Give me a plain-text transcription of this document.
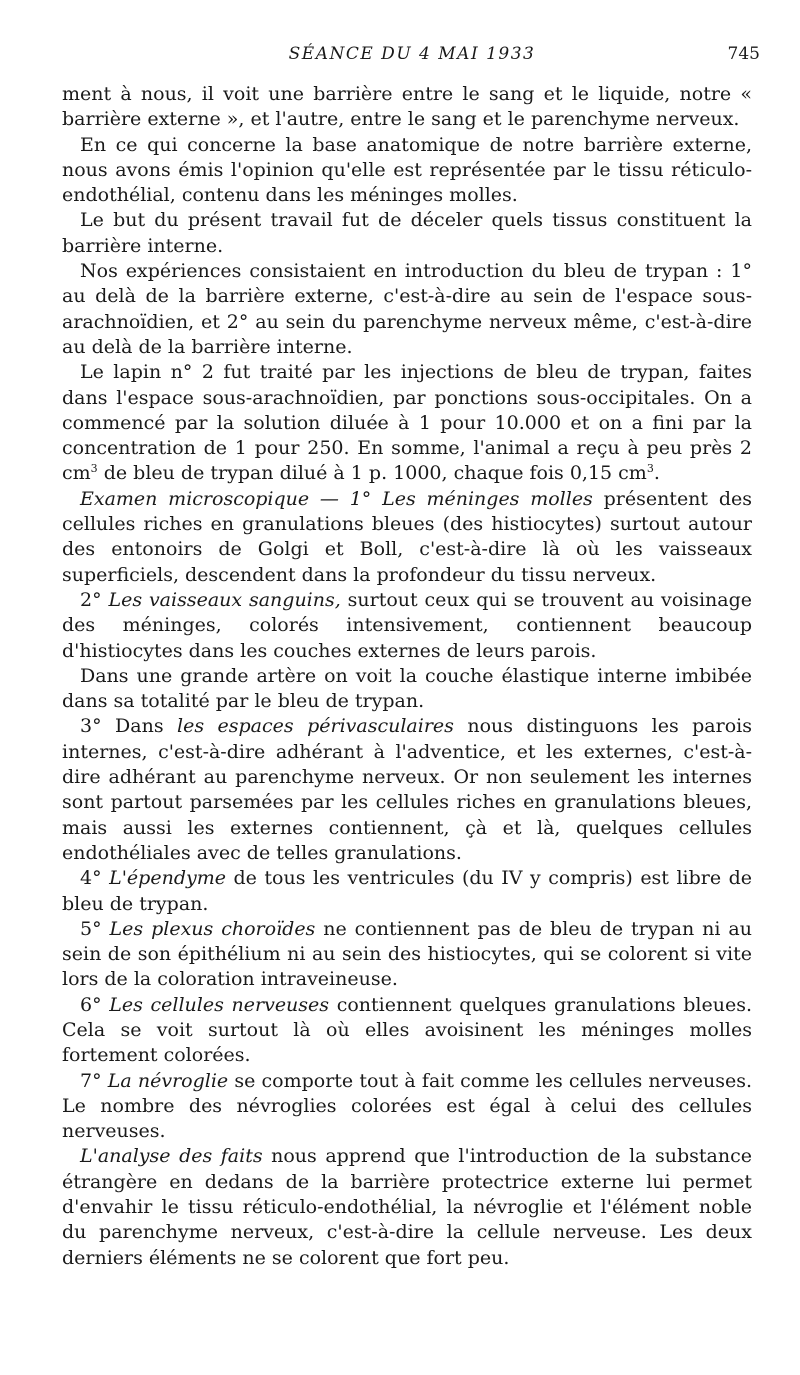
SÉANCE DU 4 MAI 1933	745

ment à nous, il voit une barrière entre le sang et le liquide, notre « barrière externe », et l'autre, entre le sang et le parenchyme nerveux.

En ce qui concerne la base anatomique de notre barrière externe, nous avons émis l'opinion qu'elle est représentée par le tissu réticulo-endothélial, contenu dans les méninges molles.

Le but du présent travail fut de déceler quels tissus constituent la barrière interne.

Nos expériences consistaient en introduction du bleu de trypan : 1° au delà de la barrière externe, c'est-à-dire au sein de l'espace sous-arachnoïdien, et 2° au sein du parenchyme nerveux même, c'est-à-dire au delà de la barrière interne.

Le lapin n° 2 fut traité par les injections de bleu de trypan, faites dans l'espace sous-arachnoïdien, par ponctions sous-occipitales. On a commencé par la solution diluée à 1 pour 10.000 et on a fini par la concentration de 1 pour 250. En somme, l'animal a reçu à peu près 2 $cm^3$ de bleu de trypan dilué à 1 p. 1000, chaque fois 0,15 $cm^3$.

Examen microscopique — 1° Les méninges molles présentent des cellules riches en granulations bleues (des histiocytes) surtout autour des entonoirs de Golgi et Boll, c'est-à-dire là où les vaisseaux superficiels, descendent dans la profondeur du tissu nerveux.

2° Les vaisseaux sanguins, surtout ceux qui se trouvent au voisinage des méninges, colorés intensivement, contiennent beaucoup d'histiocytes dans les couches externes de leurs parois.

Dans une grande artère on voit la couche élastique interne imbibée dans sa totalité par le bleu de trypan.

3° Dans les espaces périvasculaires nous distinguons les parois internes, c'est-à-dire adhérant à l'adventice, et les externes, c'est-à-dire adhérant au parenchyme nerveux. Or non seulement les internes sont partout parsemées par les cellules riches en granulations bleues, mais aussi les externes contiennent, çà et là, quelques cellules endothéliales avec de telles granulations.

4° L'épendyme de tous les ventricules (du IV y compris) est libre de bleu de trypan.

5° Les plexus choroïdes ne contiennent pas de bleu de trypan ni au sein de son épithélium ni au sein des histiocytes, qui se colorent si vite lors de la coloration intraveineuse.

6° Les cellules nerveuses contiennent quelques granulations bleues. Cela se voit surtout là où elles avoisinent les méninges molles fortement colorées.

7° La névroglie se comporte tout à fait comme les cellules nerveuses. Le nombre des névroglies colorées est égal à celui des cellules nerveuses.

L'analyse des faits nous apprend que l'introduction de la substance étrangère en dedans de la barrière protectrice externe lui permet d'envahir le tissu réticulo-endothélial, la névroglie et l'élément noble du parenchyme nerveux, c'est-à-dire la cellule nerveuse. Les deux derniers éléments ne se colorent que fort peu.
